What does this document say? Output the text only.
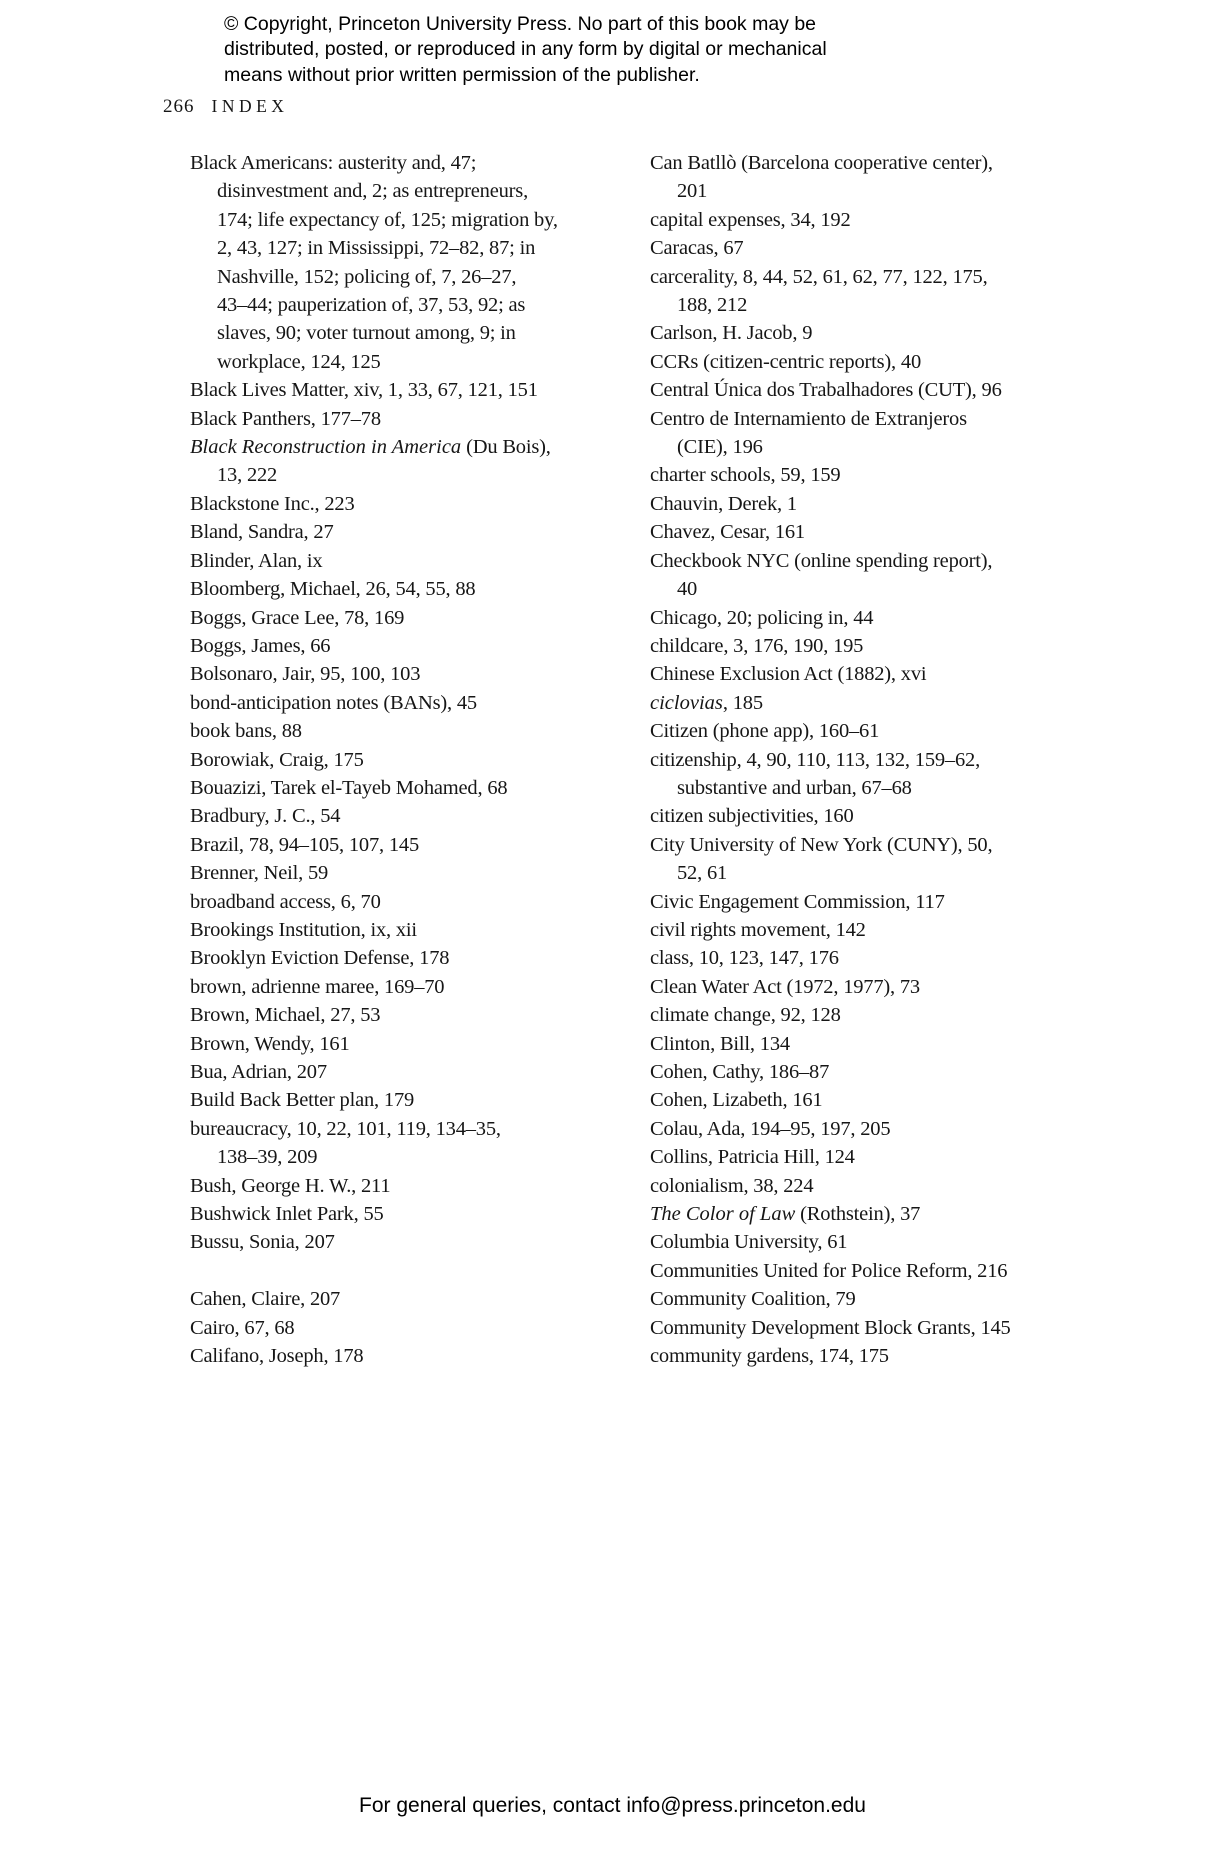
© Copyright, Princeton University Press. No part of this book may be
distributed, posted, or reproduced in any form by digital or mechanical
means without prior written permission of the publisher.
266 INDEX
Black Americans: austerity and, 47;
disinvestment and, 2; as entrepreneurs,
174; life expectancy of, 125; migration by,
2, 43, 127; in Mississippi, 72–82, 87; in
Nashville, 152; policing of, 7, 26–27,
43–44; pauperization of, 37, 53, 92; as
slaves, 90; voter turnout among, 9; in
workplace, 124, 125
Black Lives Matter, xiv, 1, 33, 67, 121, 151
Black Panthers, 177–78
Black Reconstruction in America (Du Bois),
13, 222
Blackstone Inc., 223
Bland, Sandra, 27
Blinder, Alan, ix
Bloomberg, Michael, 26, 54, 55, 88
Boggs, Grace Lee, 78, 169
Boggs, James, 66
Bolsonaro, Jair, 95, 100, 103
bond-anticipation notes (BANs), 45
book bans, 88
Borowiak, Craig, 175
Bouazizi, Tarek el-Tayeb Mohamed, 68
Bradbury, J. C., 54
Brazil, 78, 94–105, 107, 145
Brenner, Neil, 59
broadband access, 6, 70
Brookings Institution, ix, xii
Brooklyn Eviction Defense, 178
brown, adrienne maree, 169–70
Brown, Michael, 27, 53
Brown, Wendy, 161
Bua, Adrian, 207
Build Back Better plan, 179
bureaucracy, 10, 22, 101, 119, 134–35,
138–39, 209
Bush, George H. W., 211
Bushwick Inlet Park, 55
Bussu, Sonia, 207
Cahen, Claire, 207
Cairo, 67, 68
Califano, Joseph, 178
Can Batllò (Barcelona cooperative center),
201
capital expenses, 34, 192
Caracas, 67
carcerality, 8, 44, 52, 61, 62, 77, 122, 175,
188, 212
Carlson, H. Jacob, 9
CCRs (citizen-centric reports), 40
Central Única dos Trabalhadores (CUT), 96
Centro de Internamiento de Extranjeros
(CIE), 196
charter schools, 59, 159
Chauvin, Derek, 1
Chavez, Cesar, 161
Checkbook NYC (online spending report),
40
Chicago, 20; policing in, 44
childcare, 3, 176, 190, 195
Chinese Exclusion Act (1882), xvi
ciclovias, 185
Citizen (phone app), 160–61
citizenship, 4, 90, 110, 113, 132, 159–62,
substantive and urban, 67–68
citizen subjectivities, 160
City University of New York (CUNY), 50,
52, 61
Civic Engagement Commission, 117
civil rights movement, 142
class, 10, 123, 147, 176
Clean Water Act (1972, 1977), 73
climate change, 92, 128
Clinton, Bill, 134
Cohen, Cathy, 186–87
Cohen, Lizabeth, 161
Colau, Ada, 194–95, 197, 205
Collins, Patricia Hill, 124
colonialism, 38, 224
The Color of Law (Rothstein), 37
Columbia University, 61
Communities United for Police Reform, 216
Community Coalition, 79
Community Development Block Grants, 145
community gardens, 174, 175
For general queries, contact info@press.princeton.edu
